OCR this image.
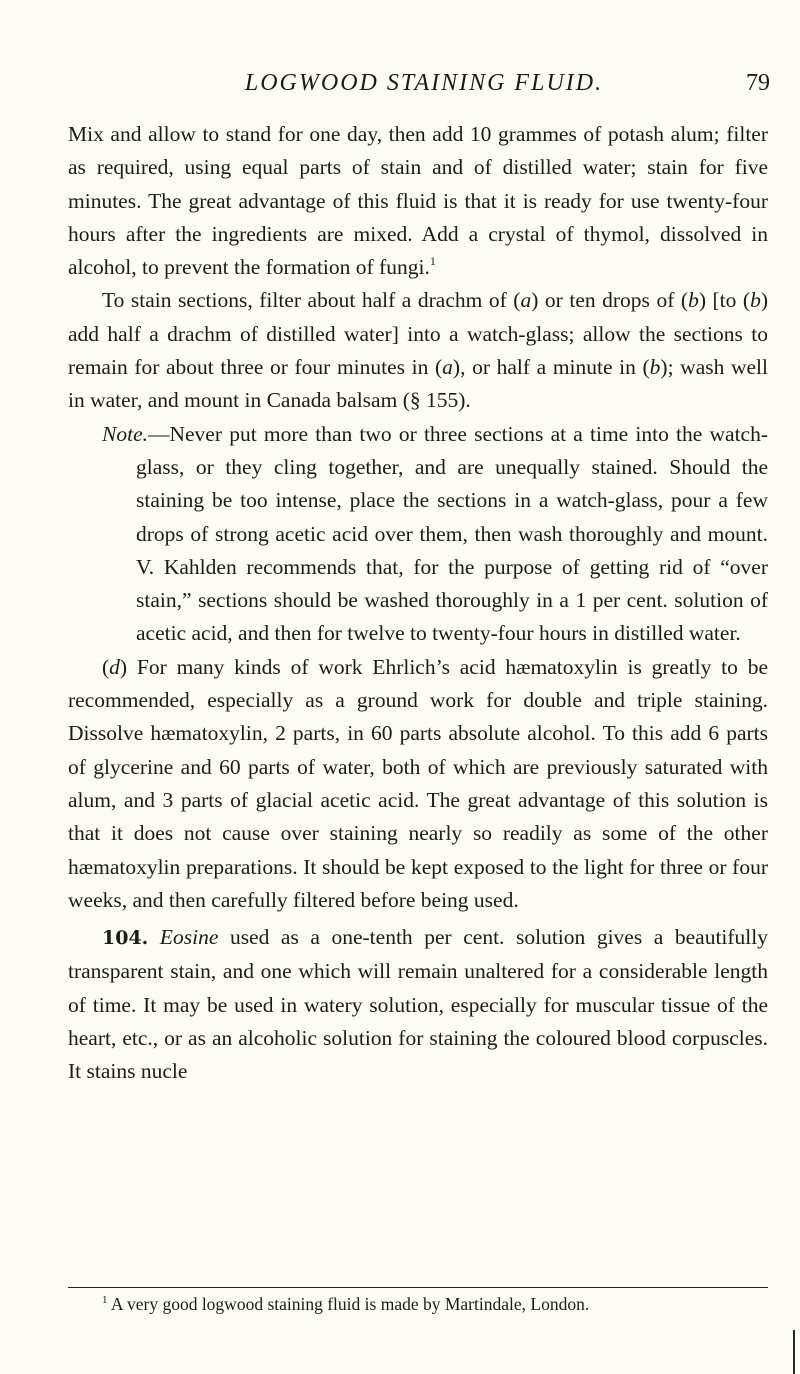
LOGWOOD STAINING FLUID.	79

Mix and allow to stand for one day, then add 10 grammes of potash alum; filter as required, using equal parts of stain and of distilled water; stain for five minutes. The great advantage of this fluid is that it is ready for use twenty-four hours after the ingredients are mixed. Add a crystal of thymol, dissolved in alcohol, to prevent the formation of fungi.$^1$

To stain sections, filter about half a drachm of (a) or ten drops of (b) [to (b) add half a drachm of distilled water] into a watch-glass; allow the sections to remain for about three or four minutes in (a), or half a minute in (b); wash well in water, and mount in Canada balsam (§ 155).

Note.—Never put more than two or three sections at a time into the watch-glass, or they cling together, and are unequally stained. Should the staining be too intense, place the sections in a watch-glass, pour a few drops of strong acetic acid over them, then wash thoroughly and mount. V. Kahlden recommends that, for the purpose of getting rid of “over stain,” sections should be washed thoroughly in a 1 per cent. solution of acetic acid, and then for twelve to twenty-four hours in distilled water.

(d) For many kinds of work Ehrlich’s acid hæmatoxylin is greatly to be recommended, especially as a ground work for double and triple staining. Dissolve hæmatoxylin, 2 parts, in 60 parts absolute alcohol. To this add 6 parts of glycerine and 60 parts of water, both of which are previously saturated with alum, and 3 parts of glacial acetic acid. The great advantage of this solution is that it does not cause over staining nearly so readily as some of the other hæmatoxylin preparations. It should be kept exposed to the light for three or four weeks, and then carefully filtered before being used.

104. Eosine used as a one-tenth per cent. solution gives a beautifully transparent stain, and one which will remain unaltered for a considerable length of time. It may be used in watery solution, especially for muscular tissue of the heart, etc., or as an alcoholic solution for staining the coloured blood corpuscles. It stains nucle

$^1$ A very good logwood staining fluid is made by Martindale, London.
